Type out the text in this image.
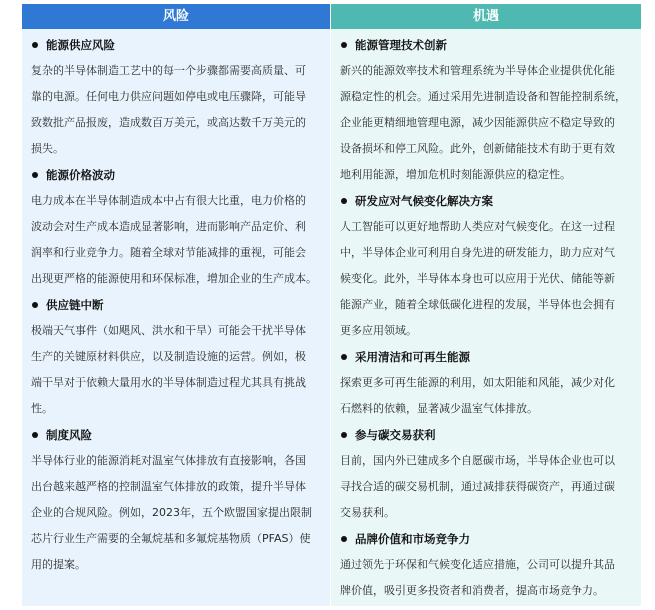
风险
能源供应风险
复杂的半导体制造工艺中的每一个步骤都需要高质量、可
靠的电源。任何电力供应问题如停电或电压骤降，可能导
致数批产品报废，造成数百万美元，或高达数千万美元的
损失。
能源价格波动
电力成本在半导体制造成本中占有很大比重，电力价格的
波动会对生产成本造成显著影响，进而影响产品定价、利
润率和行业竞争力。随着全球对节能减排的重视，可能会
出现更严格的能源使用和环保标准，增加企业的生产成本。
供应链中断
极端天气事件（如飓风、洪水和干旱）可能会干扰半导体
生产的关键原材料供应，以及制造设施的运营。例如，极
端干旱对于依赖大量用水的半导体制造过程尤其具有挑战
性。
制度风险
半导体行业的能源消耗对温室气体排放有直接影响，各国
出台越来越严格的控制温室气体排放的政策，提升半导体
企业的合规风险。例如，2023年，五个欧盟国家提出限制
芯片行业生产需要的全氟烷基和多氟烷基物质（PFAS）使
用的提案。
机遇
能源管理技术创新
新兴的能源效率技术和管理系统为半导体企业提供优化能
源稳定性的机会。通过采用先进制造设备和智能控制系统，
企业能更精细地管理电源，减少因能源供应不稳定导致的
设备损坏和停工风险。此外，创新储能技术有助于更有效
地利用能源，增加危机时刻能源供应的稳定性。
研发应对气候变化解决方案
人工智能可以更好地帮助人类应对气候变化。在这一过程
中，半导体企业可利用自身先进的研发能力，助力应对气
候变化。此外，半导体本身也可以应用于光伏、储能等新
能源产业，随着全球低碳化进程的发展，半导体也会拥有
更多应用领域。
采用清洁和可再生能源
探索更多可再生能源的利用，如太阳能和风能，减少对化
石燃料的依赖，显著减少温室气体排放。
参与碳交易获利
目前，国内外已建成多个自愿碳市场，半导体企业也可以
寻找合适的碳交易机制，通过减排获得碳资产，再通过碳
交易获利。
品牌价值和市场竞争力
通过领先于环保和气候变化适应措施，公司可以提升其品
牌价值，吸引更多投资者和消费者，提高市场竞争力。
